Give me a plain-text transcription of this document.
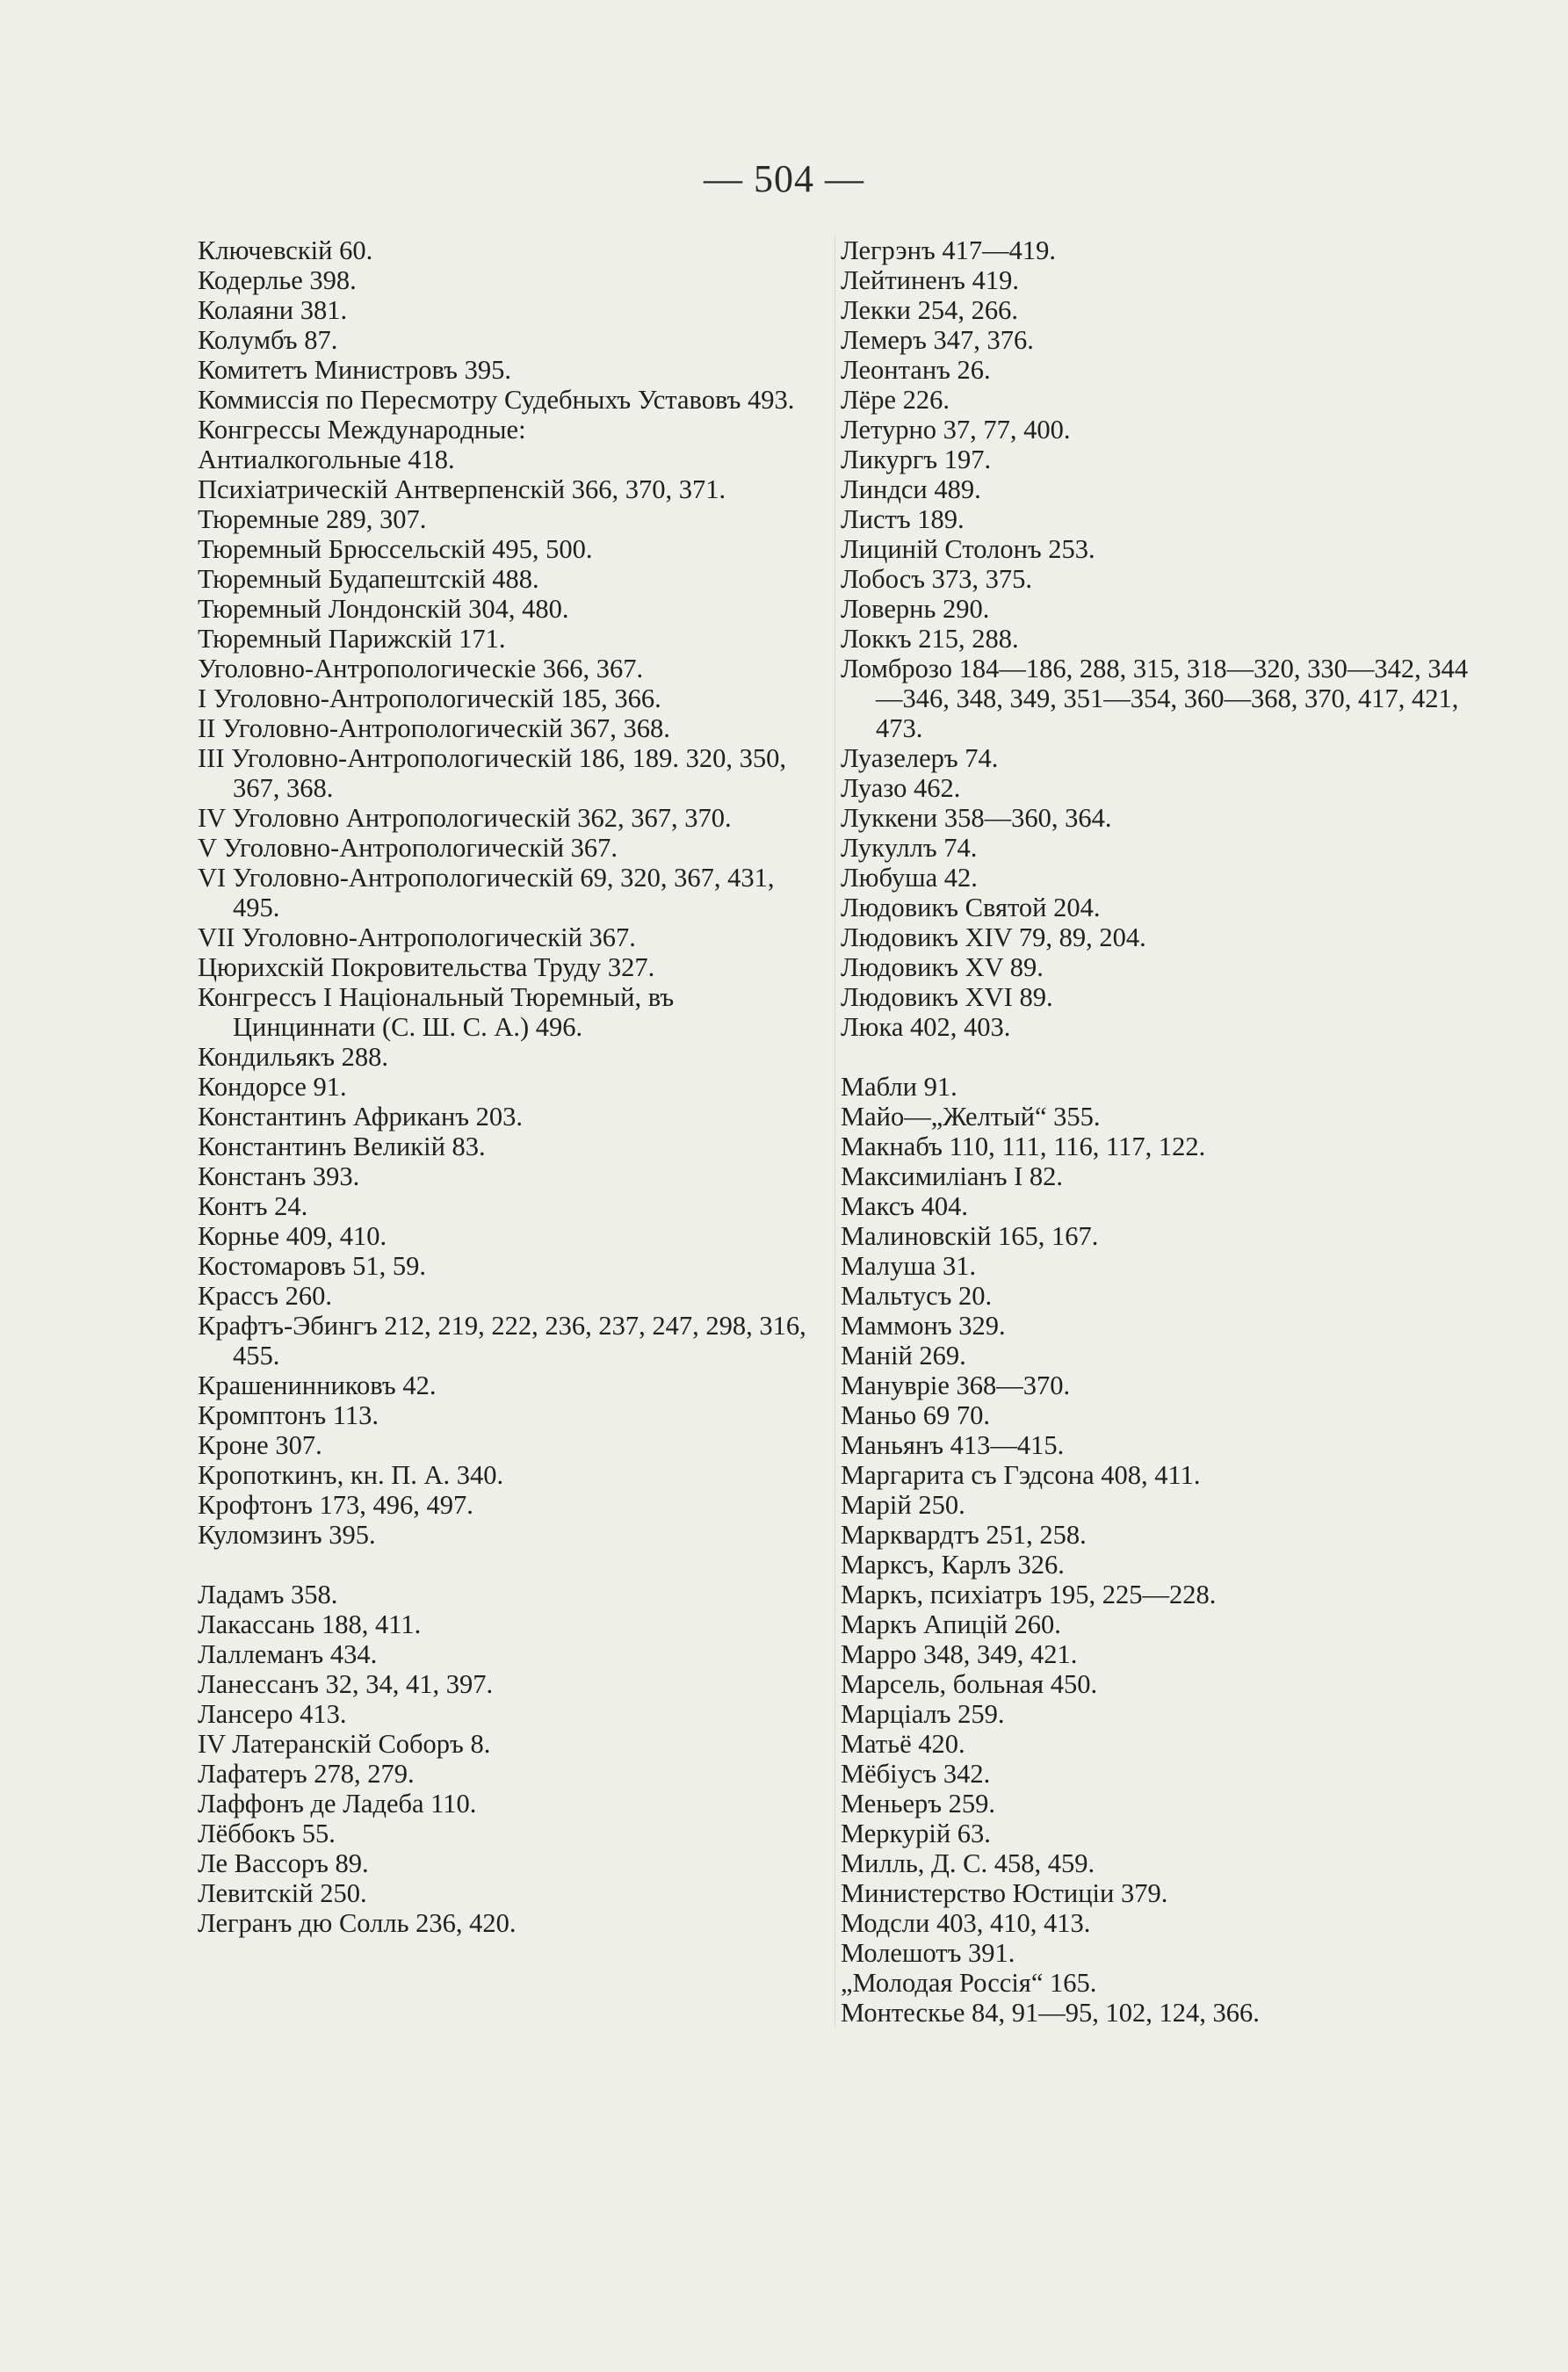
— 504 —
Ключевскій 60.
Кодерлье 398.
Колаяни 381.
Колумбъ 87.
Комитетъ Министровъ 395.
Коммиссія по Пересмотру Судебныхъ Уставовъ 493.
Конгрессы Международные:
Антиалкогольные 418.
Психіатрическій Антверпенскій 366, 370, 371.
Тюремные 289, 307.
Тюремный Брюссельскій 495, 500.
Тюремный Будапештскій 488.
Тюремный Лондонскій 304, 480.
Тюремный Парижскій 171.
Уголовно-Антропологическіе 366, 367.
I Уголовно-Антропологическій 185, 366.
II Уголовно-Антропологическій 367, 368.
III Уголовно-Антропологическій 186, 189. 320, 350, 367, 368.
IV Уголовно Антропологическій 362, 367, 370.
V Уголовно-Антропологическій 367.
VI Уголовно-Антропологическій 69, 320, 367, 431, 495.
VII Уголовно-Антропологическій 367.
Цюрихскій Покровительства Труду 327.
Конгрессъ I Національный Тюремный, въ Цинциннати (С. Ш. С. А.) 496.
Кондильякъ 288.
Кондорсе 91.
Константинъ Африканъ 203.
Константинъ Великій 83.
Констанъ 393.
Контъ 24.
Корнье 409, 410.
Костомаровъ 51, 59.
Крассъ 260.
Крафтъ-Эбингъ 212, 219, 222, 236, 237, 247, 298, 316, 455.
Крашенинниковъ 42.
Кромптонъ 113.
Кроне 307.
Кропоткинъ, кн. П. А. 340.
Крофтонъ 173, 496, 497.
Куломзинъ 395.
Ладамъ 358.
Лакассань 188, 411.
Лаллеманъ 434.
Ланессанъ 32, 34, 41, 397.
Лансеро 413.
IV Латеранскій Соборъ 8.
Лафатеръ 278, 279.
Лаффонъ де Ладеба 110.
Лёббокъ 55.
Ле Вассоръ 89.
Левитскій 250.
Легранъ дю Солль 236, 420.
Легрэнъ 417—419.
Лейтиненъ 419.
Лекки 254, 266.
Лемеръ 347, 376.
Леонтанъ 26.
Лёре 226.
Летурно 37, 77, 400.
Ликургъ 197.
Линдси 489.
Листъ 189.
Лициній Столонъ 253.
Лобосъ 373, 375.
Ловернь 290.
Локкъ 215, 288.
Ломброзо 184—186, 288, 315, 318—320, 330—342, 344—346, 348, 349, 351—354, 360—368, 370, 417, 421, 473.
Луазелеръ 74.
Луазо 462.
Луккени 358—360, 364.
Лукуллъ 74.
Любуша 42.
Людовикъ Святой 204.
Людовикъ XIV 79, 89, 204.
Людовикъ XV 89.
Людовикъ XVI 89.
Люка 402, 403.
Мабли 91.
Майо—„Желтый“ 355.
Макнабъ 110, 111, 116, 117, 122.
Максимиліанъ I 82.
Максъ 404.
Малиновскій 165, 167.
Малуша 31.
Мальтусъ 20.
Маммонъ 329.
Маній 269.
Манувріе 368—370.
Маньо 69 70.
Маньянъ 413—415.
Маргарита съ Гэдсона 408, 411.
Марій 250.
Марквардтъ 251, 258.
Марксъ, Карлъ 326.
Маркъ, психіатръ 195, 225—228.
Маркъ Апицій 260.
Марро 348, 349, 421.
Марсель, больная 450.
Марціалъ 259.
Матьё 420.
Мёбіусъ 342.
Меньеръ 259.
Меркурій 63.
Милль, Д. С. 458, 459.
Министерство Юстиціи 379.
Модсли 403, 410, 413.
Молешотъ 391.
„Молодая Россія“ 165.
Монтескье 84, 91—95, 102, 124, 366.
